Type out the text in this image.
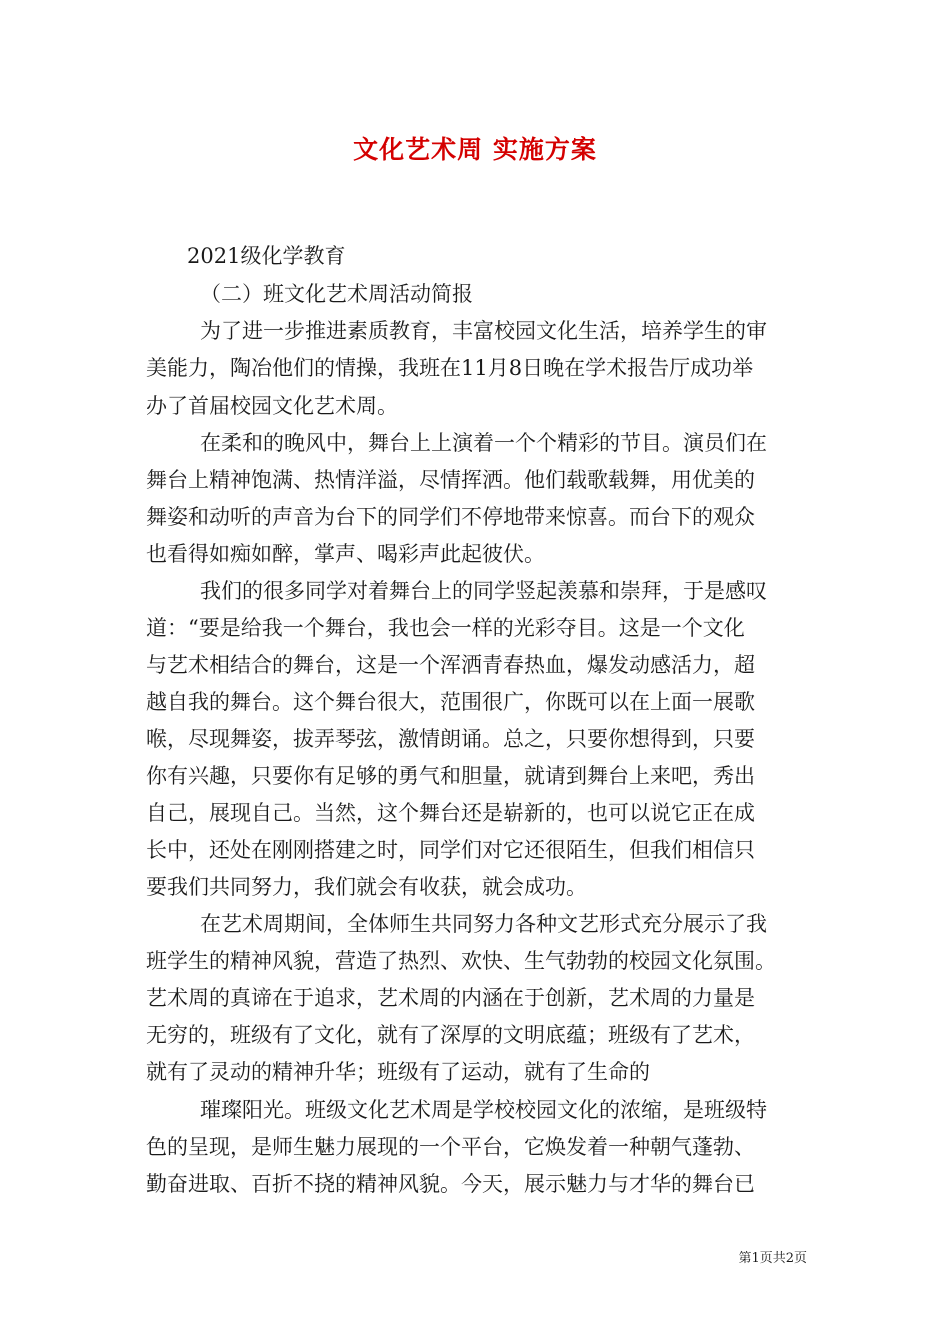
文化艺术周 实施方案

2021级化学教育

（二）班文化艺术周活动简报

为了进一步推进素质教育，丰富校园文化生活，培养学生的审

美能力，陶冶他们的情操，我班在11月8日晚在学术报告厅成功举

办了首届校园文化艺术周。

在柔和的晚风中，舞台上上演着一个个精彩的节目。演员们在

舞台上精神饱满、热情洋溢，尽情挥洒。他们载歌载舞，用优美的

舞姿和动听的声音为台下的同学们不停地带来惊喜。而台下的观众

也看得如痴如醉，掌声、喝彩声此起彼伏。

我们的很多同学对着舞台上的同学竖起羡慕和崇拜，于是感叹

道：“要是给我一个舞台，我也会一样的光彩夺目。这是一个文化

与艺术相结合的舞台，这是一个浑洒青春热血，爆发动感活力，超

越自我的舞台。这个舞台很大，范围很广，你既可以在上面一展歌

喉，尽现舞姿，拔弄琴弦，激情朗诵。总之，只要你想得到，只要

你有兴趣，只要你有足够的勇气和胆量，就请到舞台上来吧，秀出

自己，展现自己。当然，这个舞台还是崭新的，也可以说它正在成

长中，还处在刚刚搭建之时，同学们对它还很陌生，但我们相信只

要我们共同努力，我们就会有收获，就会成功。

在艺术周期间，全体师生共同努力各种文艺形式充分展示了我

班学生的精神风貌，营造了热烈、欢快、生气勃勃的校园文化氛围。

艺术周的真谛在于追求，艺术周的内涵在于创新，艺术周的力量是

无穷的，班级有了文化，就有了深厚的文明底蕴；班级有了艺术，

就有了灵动的精神升华；班级有了运动，就有了生命的

璀璨阳光。班级文化艺术周是学校校园文化的浓缩，是班级特

色的呈现，是师生魅力展现的一个平台，它焕发着一种朝气蓬勃、

勤奋进取、百折不挠的精神风貌。今天，展示魅力与才华的舞台已

第1页共2页
